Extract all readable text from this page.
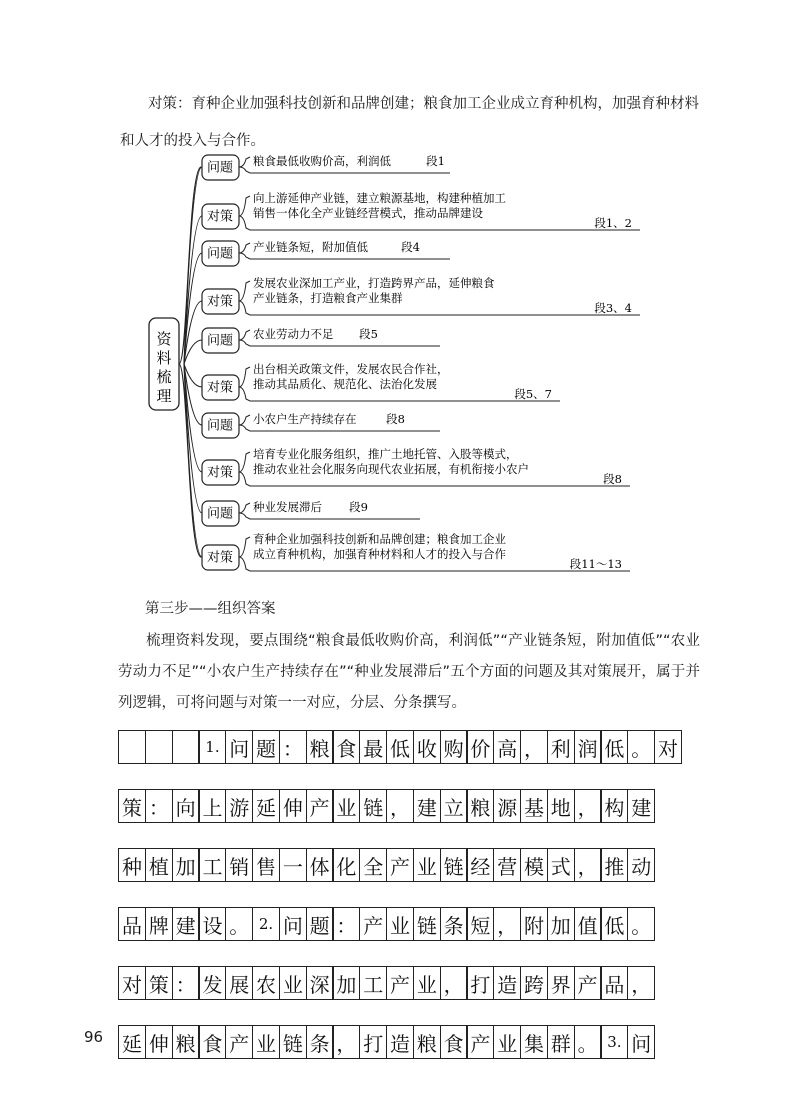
对策：育种企业加强科技创新和品牌创建；粮食加工企业成立育种机构，加强育种材料和人才的投入与合作。

资
料
梳
理
问题 粮食最低收购价高，利润低	段1
对策
向上游延伸产业链，建立粮源基地，构建种植加工
销售一体化全产业链经营模式，推动品牌建设
段1、2
问题 产业链条短，附加值低	段4
对策
发展农业深加工产业，打造跨界产品，延伸粮食
产业链条，打造粮食产业集群
段3、4
问题 农业劳动力不足 段5
对策
出台相关政策文件，发展农民合作社，
推动其品质化、规范化、法治化发展
段5、7
问题 小农户生产持续存在	段8
对策
培育专业化服务组织，推广土地托管、入股等模式，
推动农业社会化服务向现代农业拓展，有机衔接小农户
段8
问题 种业发展滞后 段9
对策
育种企业加强科技创新和品牌创建；粮食加工企业
成立育种机构，加强育种材料和人才的投入与合作
段11～13

第三步——组织答案

梳理资料发现，要点围绕“粮食最低收购价高，利润低”“产业链条短，附加值低”“农业劳动力不足”“小农户生产持续存在”“种业发展滞后”五个方面的问题及其对策展开，属于并列逻辑，可将问题与对策一一对应，分层、分条撰写。

1. 问 题 ： 粮 食 最 低 收 购 价 高 ， 利 润 低 。 对
策 ： 向 上 游 延 伸 产 业 链 ， 建 立 粮 源 基 地 ， 构 建
种 植 加 工 销 售 一 体 化 全 产 业 链 经 营 模 式 ， 推 动
品 牌 建 设 。 2. 问 题 ： 产 业 链 条 短 ， 附 加 值 低 。
对 策 ： 发 展 农 业 深 加 工 产 业 ， 打 造 跨 界 产 品 ，
延 伸 粮 食 产 业 链 条 ， 打 造 粮 食 产 业 集 群 。 3. 问
96
